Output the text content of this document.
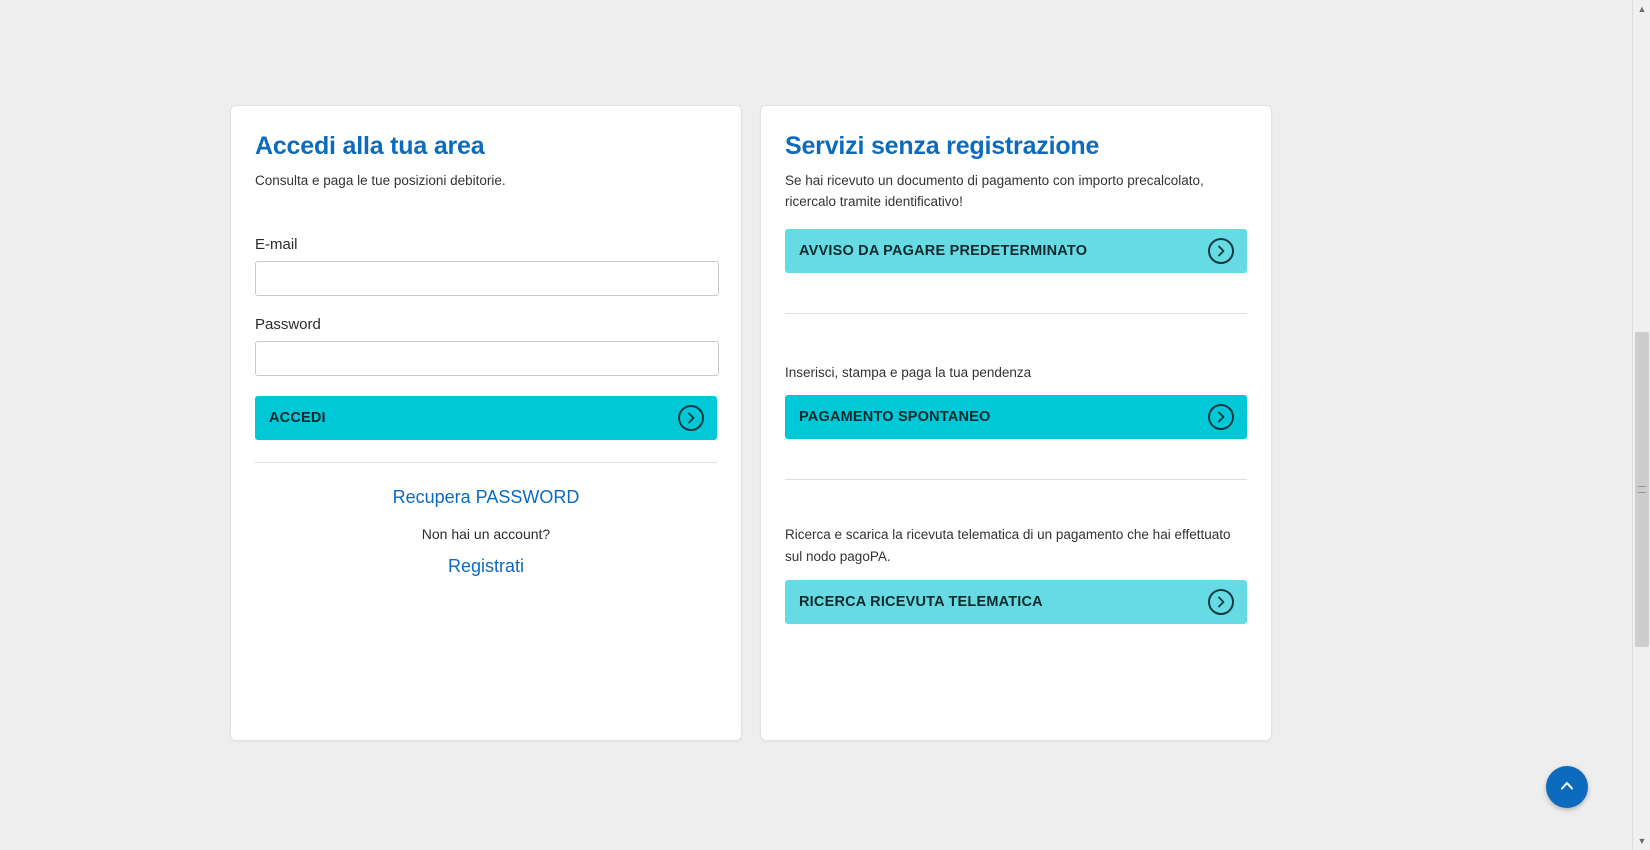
Accedi alla tua area

Consulta e paga le tue posizioni debitorie.

E-mail
Password
ACCEDI
Recupera PASSWORD

Non hai un account?

Registrati
Servizi senza registrazione

Se hai ricevuto un documento di pagamento con importo precalcolato, ricercalo tramite identificativo!

AVVISO DA PAGARE PREDETERMINATO

Inserisci, stampa e paga la tua pendenza

PAGAMENTO SPONTANEO

Ricerca e scarica la ricevuta telematica di un pagamento che hai effettuato sul nodo pagoPA.

RICERCA RICEVUTA TELEMATICA
▲
▼
